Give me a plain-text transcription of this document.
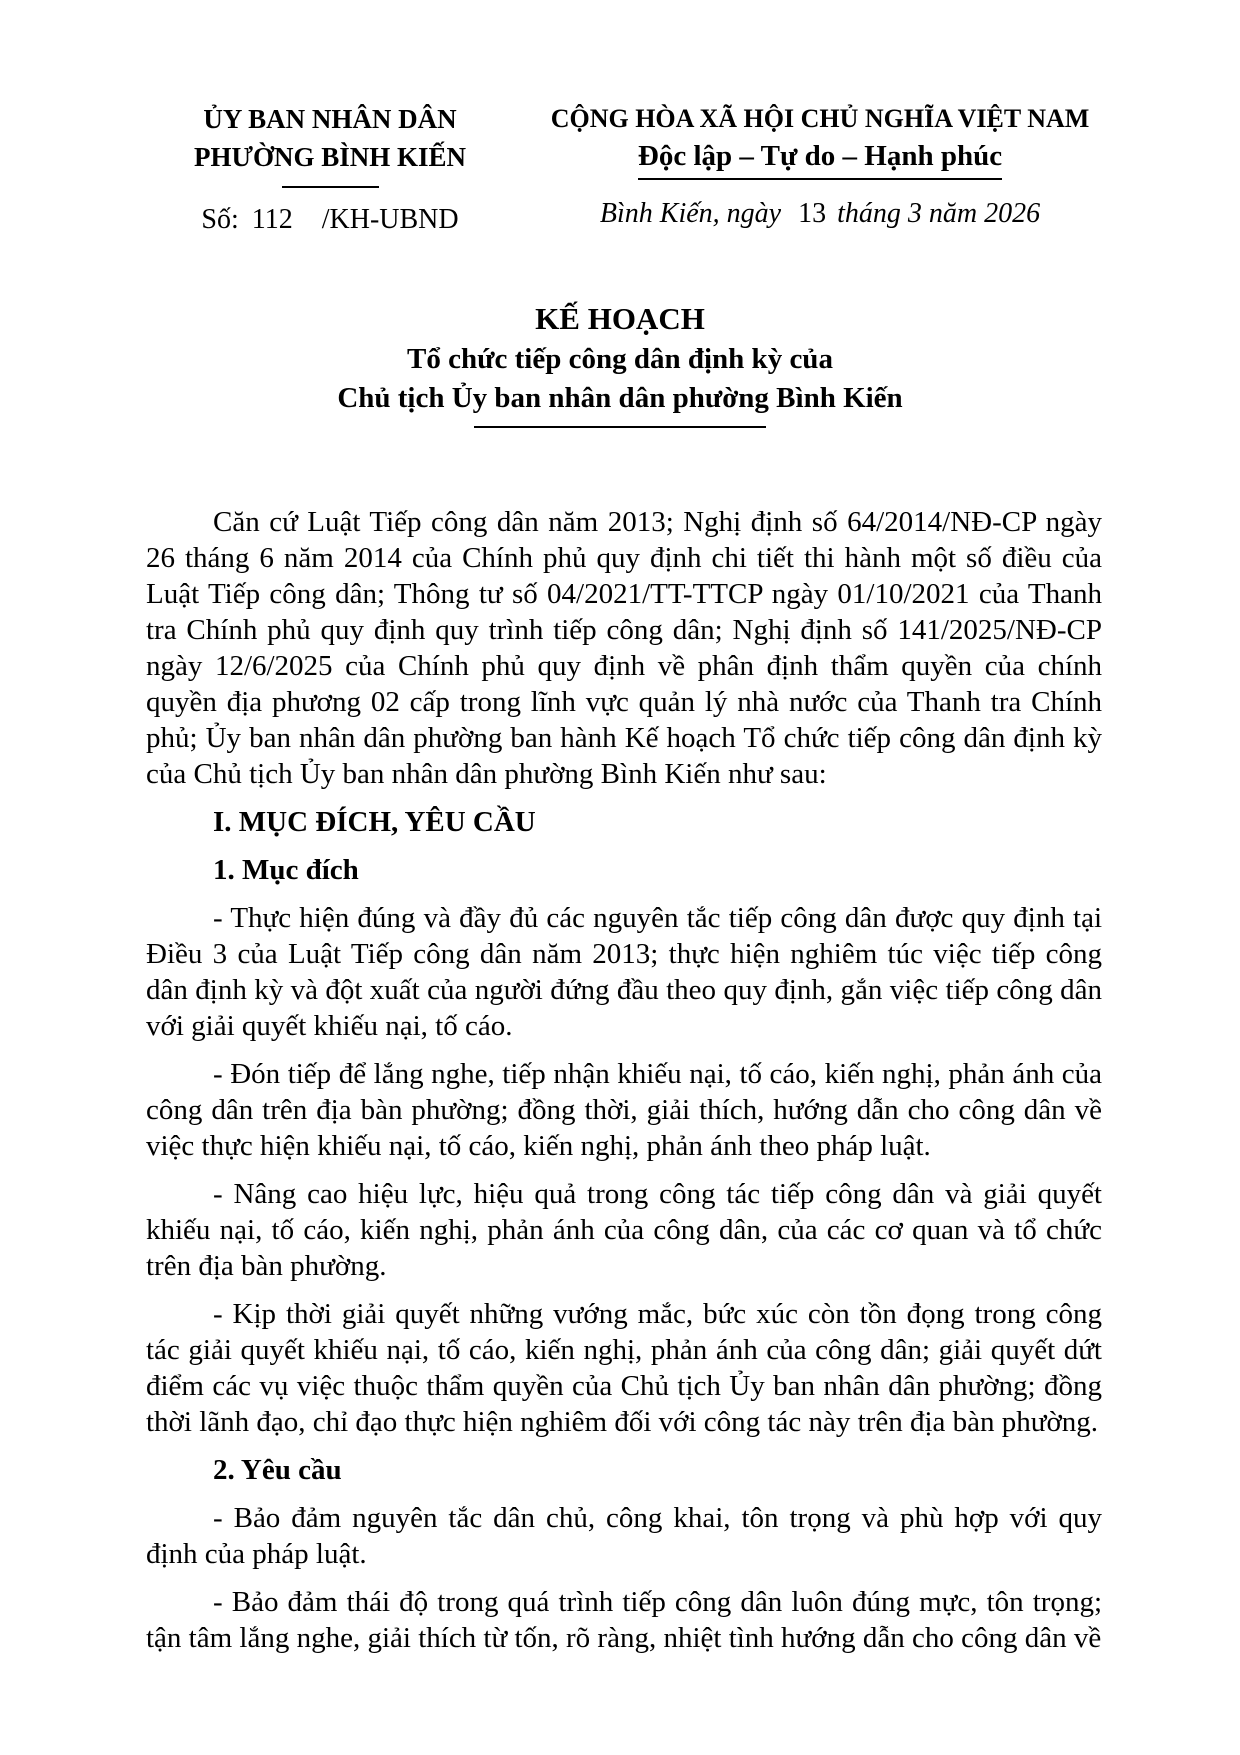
ỦY BAN NHÂN DÂN
PHƯỜNG BÌNH KIẾN
Số: 112 /KH-UBND
CỘNG HÒA XÃ HỘI CHỦ NGHĨA VIỆT NAM
Độc lập – Tự do – Hạnh phúc
Bình Kiến, ngày 13 tháng 3 năm 2026
KẾ HOẠCH
Tổ chức tiếp công dân định kỳ của
Chủ tịch Ủy ban nhân dân phường Bình Kiến

Căn cứ Luật Tiếp công dân năm 2013; Nghị định số 64/2014/NĐ-CP ngày 26 tháng 6 năm 2014 của Chính phủ quy định chi tiết thi hành một số điều của Luật Tiếp công dân; Thông tư số 04/2021/TT-TTCP ngày 01/10/2021 của Thanh tra Chính phủ quy định quy trình tiếp công dân; Nghị định số 141/2025/NĐ-CP ngày 12/6/2025 của Chính phủ quy định về phân định thẩm quyền của chính quyền địa phương 02 cấp trong lĩnh vực quản lý nhà nước của Thanh tra Chính phủ; Ủy ban nhân dân phường ban hành Kế hoạch Tổ chức tiếp công dân định kỳ của Chủ tịch Ủy ban nhân dân phường Bình Kiến như sau:

I. MỤC ĐÍCH, YÊU CẦU

1. Mục đích

- Thực hiện đúng và đầy đủ các nguyên tắc tiếp công dân được quy định tại Điều 3 của Luật Tiếp công dân năm 2013; thực hiện nghiêm túc việc tiếp công dân định kỳ và đột xuất của người đứng đầu theo quy định, gắn việc tiếp công dân với giải quyết khiếu nại, tố cáo.

- Đón tiếp để lắng nghe, tiếp nhận khiếu nại, tố cáo, kiến nghị, phản ánh của công dân trên địa bàn phường; đồng thời, giải thích, hướng dẫn cho công dân về việc thực hiện khiếu nại, tố cáo, kiến nghị, phản ánh theo pháp luật.

- Nâng cao hiệu lực, hiệu quả trong công tác tiếp công dân và giải quyết khiếu nại, tố cáo, kiến nghị, phản ánh của công dân, của các cơ quan và tổ chức trên địa bàn phường.

- Kịp thời giải quyết những vướng mắc, bức xúc còn tồn đọng trong công tác giải quyết khiếu nại, tố cáo, kiến nghị, phản ánh của công dân; giải quyết dứt điểm các vụ việc thuộc thẩm quyền của Chủ tịch Ủy ban nhân dân phường; đồng thời lãnh đạo, chỉ đạo thực hiện nghiêm đối với công tác này trên địa bàn phường.

2. Yêu cầu

- Bảo đảm nguyên tắc dân chủ, công khai, tôn trọng và phù hợp với quy định của pháp luật.

- Bảo đảm thái độ trong quá trình tiếp công dân luôn đúng mực, tôn trọng; tận tâm lắng nghe, giải thích từ tốn, rõ ràng, nhiệt tình hướng dẫn cho công dân về
